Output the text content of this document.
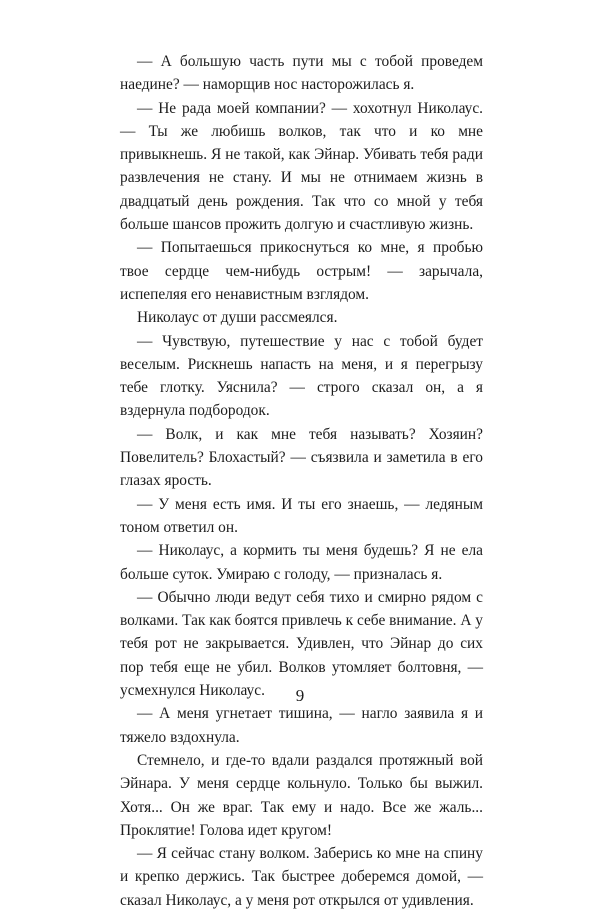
— А большую часть пути мы с тобой проведем наедине? — наморщив нос насторожилась я.

— Не рада моей компании? — хохотнул Николаус. — Ты же любишь волков, так что и ко мне привыкнешь. Я не такой, как Эйнар. Убивать тебя ради развлечения не стану. И мы не отнимаем жизнь в двадцатый день рождения. Так что со мной у тебя больше шансов прожить долгую и счастливую жизнь.

— Попытаешься прикоснуться ко мне, я пробью твое сердце чем-нибудь острым! — зарычала, испепеляя его ненавистным взглядом.

Николаус от души рассмеялся.

— Чувствую, путешествие у нас с тобой будет веселым. Рискнешь напасть на меня, и я перегрызу тебе глотку. Уяснила? — строго сказал он, а я вздернула подбородок.

— Волк, и как мне тебя называть? Хозяин? Повелитель? Блохастый? — съязвила и заметила в его глазах ярость.

— У меня есть имя. И ты его знаешь, — ледяным тоном ответил он.

— Николаус, а кормить ты меня будешь? Я не ела больше суток. Умираю с голоду, — призналась я.

— Обычно люди ведут себя тихо и смирно рядом с волками. Так как боятся привлечь к себе внимание. А у тебя рот не закрывается. Удивлен, что Эйнар до сих пор тебя еще не убил. Волков утомляет болтовня, — усмехнулся Николаус.

— А меня угнетает тишина, — нагло заявила я и тяжело вздохнула.

Стемнело, и где-то вдали раздался протяжный вой Эйнара. У меня сердце кольнуло. Только бы выжил. Хотя... Он же враг. Так ему и надо. Все же жаль... Проклятие! Голова идет кругом!

— Я сейчас стану волком. Заберись ко мне на спину и крепко держись. Так быстрее доберемся домой, — сказал Николаус, а у меня рот открылся от удивления.

9
